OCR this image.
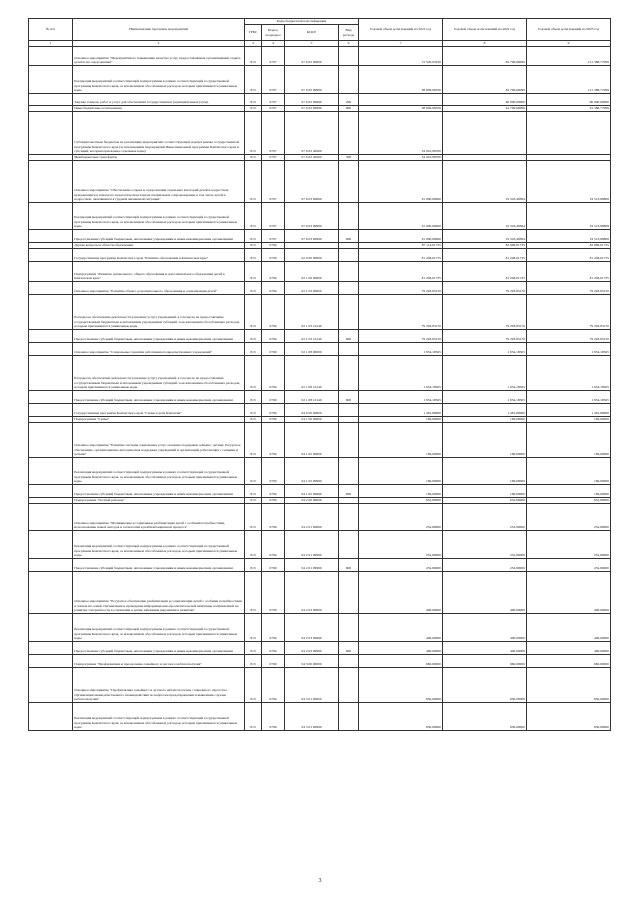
№ п/п	Наименование программ, мероприятий	Коды бюджетной классификации				Годовой объем ассигнований на 2021 год	Годовой объем ассигнований на 2022 год	Годовой объем ассигнований на 2023 год
		ГРБС	Раздел, подраздел	КЦСР	Вид расхода			
1	2	3	4	5	6	7	8	9
	Основное мероприятие "Мероприятия по повышению качества услуг, предоставляемых организациями отдыха детей и их оздоровления"	813	0707	07 6 02 00000		72 520,95256	84 799,66099	151 388,77099
	Реализация мероприятий соответствующей подпрограммы в рамках соответствующей государственной программы Камчатского края, за исключением обособленных расходов, которым присваиваются уникальные коды	813	0707	07 6 02 09990		38 609,96556	84 799,66099	151 388,77099
	Закупка товаров, работ и услуг для обеспечения государственных (муниципальных) нужд	813	0707	07 6 02 09990	200		60 000,00000	90 000,00000
	Иные бюджетные ассигнования	813	0707	07 6 02 09990	800	38 609,96556	24 799,66099	61 388,77099
	Субсидия местным бюджетам на реализацию мероприятий соответствующей подпрограммы государственной программы Камчатского края (за исключением мероприятий Инвестиционной программы Камчатского края и субсидий, которым присвоены отдельные коды)	813	0707	07 6 02 40260		34 910,98700		
	Межбюджетные трансферты	813	0707	07 6 02 40260	500	34 910,98700		
	Основное мероприятие "Обеспечение отдыха и оздоровления отдельных категорий детей и подростков, нуждающихся в психолого-педагогическом и ином специальном сопровождении, в том числе детей и подростков, оказавшихся в трудной жизненной ситуации"	813	0707	07 6 03 00000		25 000,00000	19 543,48384	19 513,80808
	Реализация мероприятий соответствующей подпрограммы в рамках соответствующей государственной программы Камчатского края, за исключением обособленных расходов, которым присваиваются уникальные коды	813	0707	07 6 03 09990		25 000,00000	19 543,48384	19 513,80808
	Предоставление субсидий бюджетным, автономным учреждениям и иным некоммерческим организациям	813	0707	07 6 03 09990	600	25 000,00000	19 543,48384	19 513,80808
	Другие вопросы в области образования	813	0709			87 114,01735	82 609,01735	82 869,01735
	Государственная программа Камчатского края "Развитие образования в Камчатском крае"	813	0709	02 0 00 00000		81 248,01735	81 248,01735	81 248,01735
	Подпрограмма "Развитие дошкольного, общего образования и дополнительного образования детей в Камчатском крае"	813	0709	02 1 00 00000		81 248,01735	81 248,01735	81 248,01735
	Основное мероприятие "Развитие общего дополнительного образования и социализация детей"	813	0709	02 1 03 00000		79 293,83170	79 293,83170	79 293,83170
	Расходы на обеспечение деятельности (оказание услуг) учреждений, в том числе на предоставление государственным бюджетным и автономным учреждениям субсидий, за исключением обособленных расходов, которым присваиваются уникальные коды	813	0709	02 1 03 10140		79 293,83170	79 293,83170	79 293,83170
	Предоставление субсидий бюджетным, автономным учреждениям и иным некоммерческим организациям	813	0709	02 1 03 10140	600	79 293,83170	79 293,83170	79 293,83170
	Основное мероприятие "Социальные гарантии работникам подведомственных учреждений"	813	0709	02 1 08 00000		1 954,18565	1 954,18565	1 954,18565
	Расходы на обеспечение деятельности (оказание услуг) учреждений, в том числе на предоставление государственным бюджетным и автономным учреждениям субсидий, за исключением обособленных расходов, которым присваиваются уникальные коды	813	0709	02 1 08 10140		1 954,18565	1 954,18565	1 954,18565
	Предоставление субсидий бюджетным, автономным учреждениям и иным некоммерческим организациям	813	0709	02 1 08 10140	600	1 954,18565	1 954,18565	1 954,18565
	Государственная программа Камчатского края "Семья и дети Камчатки"	813	0709	04 0 00 00000		1 481,80000	1 481,80000	1 481,80000
	Подпрограмма "Семья"	813	0709	04 1 00 00000		169,00000	169,00000	169,00000
	Основное мероприятие "Развитие системы социальных услуг, оказание поддержки семьям с детьми. Ресурсное обеспечение, организационно-методическая поддержка учреждений и организаций, работающих с семьями и детьми"	813	0709	04 1 02 00000		169,00000	169,00000	169,00000
	Реализация мероприятий соответствующей подпрограммы в рамках соответствующей государственной программы Камчатского края, за исключением обособленных расходов, которым присваиваются уникальные коды	813	0709	04 1 02 09990		169,00000	169,00000	169,00000
	Предоставление субсидий бюджетным, автономным учреждениям и иным некоммерческим организациям	813	0709	04 1 02 09990	600	169,00000	169,00000	169,00000
	Подпрограмма "Особый ребенок"	813	0709	04 2 00 00000		652,80000	652,80000	652,80000
	Основное мероприятие "Медицинские и социальные реабилитация детей с особыми потребностями, использование новых методов и технологий в реабилитационном процессе"	813	0709	04 2 01 00000		252,80000	252,80000	252,80000
	Реализация мероприятий соответствующей подпрограммы в рамках соответствующей государственной программы Камчатского края, за исключением обособленных расходов, которым присваиваются уникальные коды	813	0709	04 2 01 09990		252,80000	252,80000	252,80000
	Предоставление субсидий бюджетным, автономным учреждениям и иным некоммерческим организациям	813	0709	04 2 01 09990	600	252,80000	252,80000	252,80000
	Основное мероприятие "Ресурсное обеспечение реабилитации и социализации детей с особыми потребностями и членов их семей. Организация и проведение информационно-просветительской кампании, направленной на развитие толерантности в отношении к детям, имеющим нарушения в развитии"	813	0709	04 2 03 00000		400,00000	400,00000	400,00000
	Реализация мероприятий соответствующей подпрограммы в рамках соответствующей государственной программы Камчатского края, за исключением обособленных расходов, которым присваиваются уникальные коды	813	0709	04 2 03 09990		400,00000	400,00000	400,00000
	Предоставление субсидий бюджетным, автономным учреждениям и иным некоммерческим организациям	813	0709	04 2 03 09990	600	400,00000	400,00000	400,00000
	Подпрограмма "Профилактика и преодоление семейного и детского неблагополучия"	813	0709	04 3 00 00000		660,00000	660,00000	660,00000
	Основное мероприятие "Профилактика семейного и детского неблагополучия, социального сиротства. Организация межведомственного взаимодействия по вопросам предотвращения и выявления случаев неблагополучия"	813	0709	04 3 01 00000		630,00000	630,00000	630,00000
	Реализация мероприятий соответствующей подпрограммы в рамках соответствующей государственной программы Камчатского края, за исключением обособленных расходов, которым присваиваются уникальные коды	813	0709	04 3 01 09990		630,00000	630,00000	630,00000
3
